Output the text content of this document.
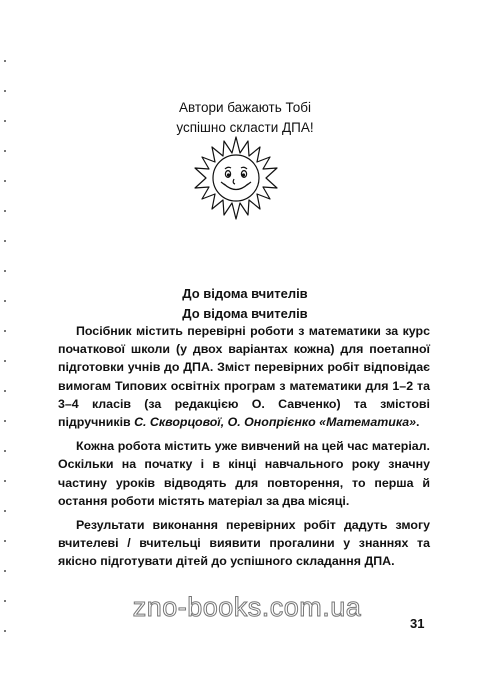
Автори бажають Тобі
успішно скласти ДПА!
До відома вчителів
До відома вчителів

Посібник містить перевірні роботи з математики за курс початкової школи (у двох варіантах кожна) для поетапної підготовки учнів до ДПА. Зміст перевірних робіт відповідає вимогам Типових освітніх програм з математики для 1–2 та 3–4 класів (за редакцією О. Савченко) та змістові підручників С. Скворцової, О. Онопрієнко «Математика».

Кожна робота містить уже вивчений на цей час матеріал. Оскільки на початку і в кінці навчального року значну частину уроків відводять для повторення, то перша й остання роботи містять матеріал за два місяці.

Результати виконання перевірних робіт дадуть змогу вчителеві / вчительці виявити прогалини у знаннях та якісно підготувати дітей до успішного складання ДПА.

zno-books.com.ua
31
